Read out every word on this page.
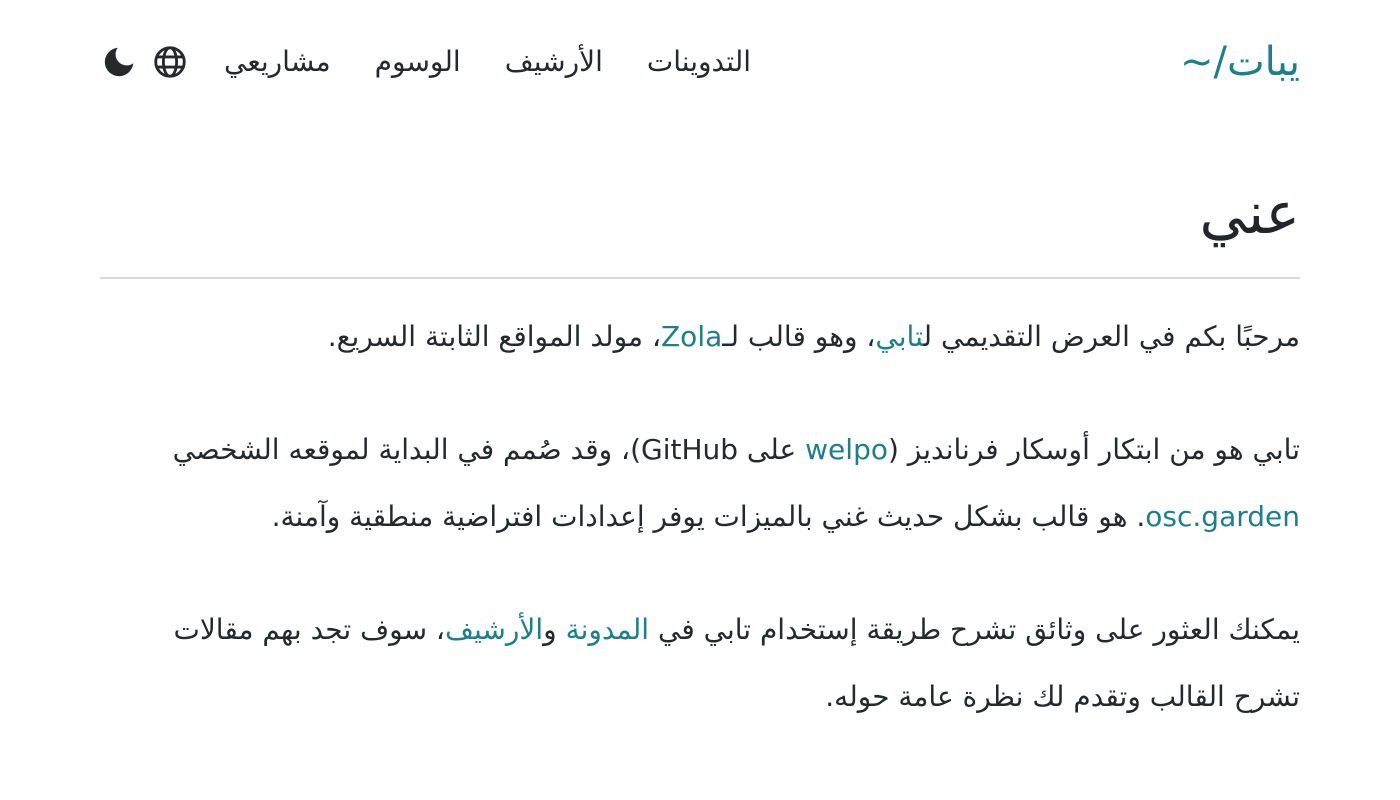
~/تابي
التدوينات
الأرشيف
الوسوم
مشاريعي
عني

مرحبًا بكم في العرض التقديمي لتابي، وهو قالب لـZola، مولد المواقع الثابتة السريع.

تابي هو من ابتكار أوسكار فرنانديز (welpo على GitHub)، وقد صُمم في البداية لموقعه الشخصي osc.garden. هو قالب بشكل حديث غني بالميزات يوفر إعدادات افتراضية منطقية وآمنة.

يمكنك العثور على وثائق تشرح طريقة إستخدام تابي في المدونة والأرشيف، سوف تجد بهم مقالات تشرح القالب وتقدم لك نظرة عامة حوله.
